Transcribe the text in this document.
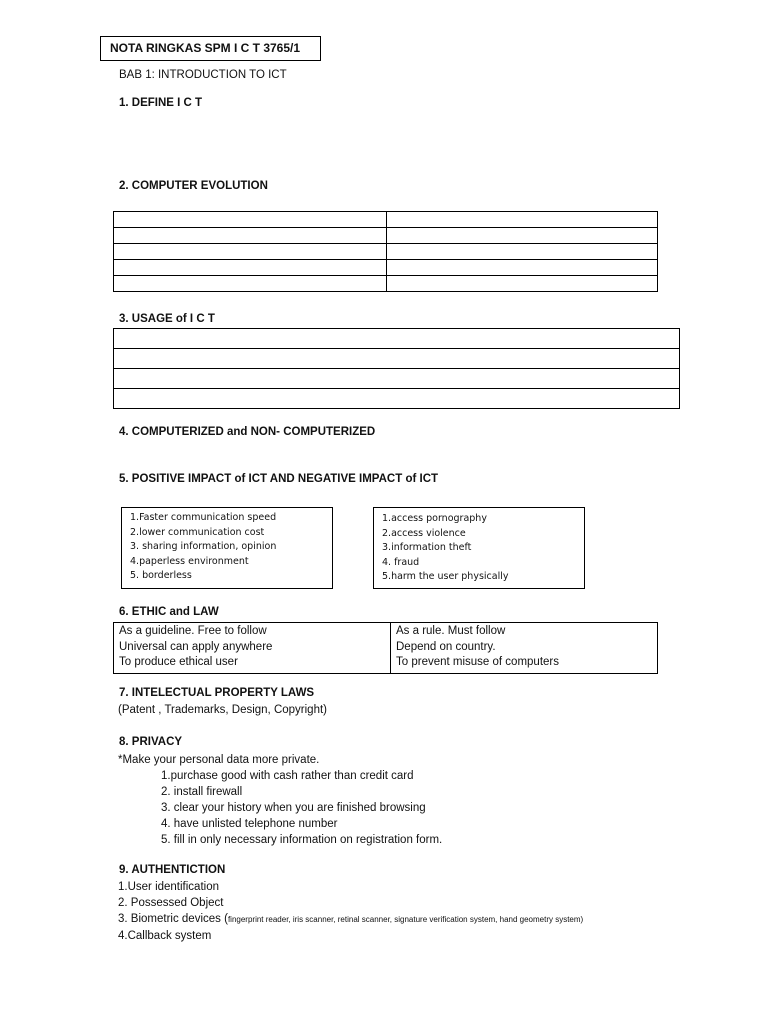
NOTA RINGKAS SPM I C T 3765/1
BAB 1: INTRODUCTION TO ICT
1. DEFINE I C T
2. COMPUTER EVOLUTION

3. USAGE of I C T

4. COMPUTERIZED and NON- COMPUTERIZED
5. POSITIVE IMPACT of ICT AND NEGATIVE IMPACT of ICT
1.Faster communication speed
2.lower communication cost
3. sharing information, opinion
4.paperless environment
5. borderless
1.access pornography
2.access violence
3.information theft
4. fraud
5.harm the user physically
6. ETHIC and LAW
As a guideline. Free to follow
Universal can apply anywhere
To produce ethical user

As a rule. Must follow
Depend on country.
To prevent misuse of computers
7. INTELECTUAL PROPERTY LAWS
(Patent , Trademarks, Design, Copyright)
8. PRIVACY
*Make your personal data more private.
1.purchase good with cash rather than credit card
2. install firewall
3. clear your history when you are finished browsing
4. have unlisted telephone number
5. fill in only necessary information on registration form.
9. AUTHENTICTION
1.User identification
2. Possessed Object
3. Biometric devices (fingerprint reader, iris scanner, retinal scanner, signature verification system, hand geometry system)
4.Callback system
